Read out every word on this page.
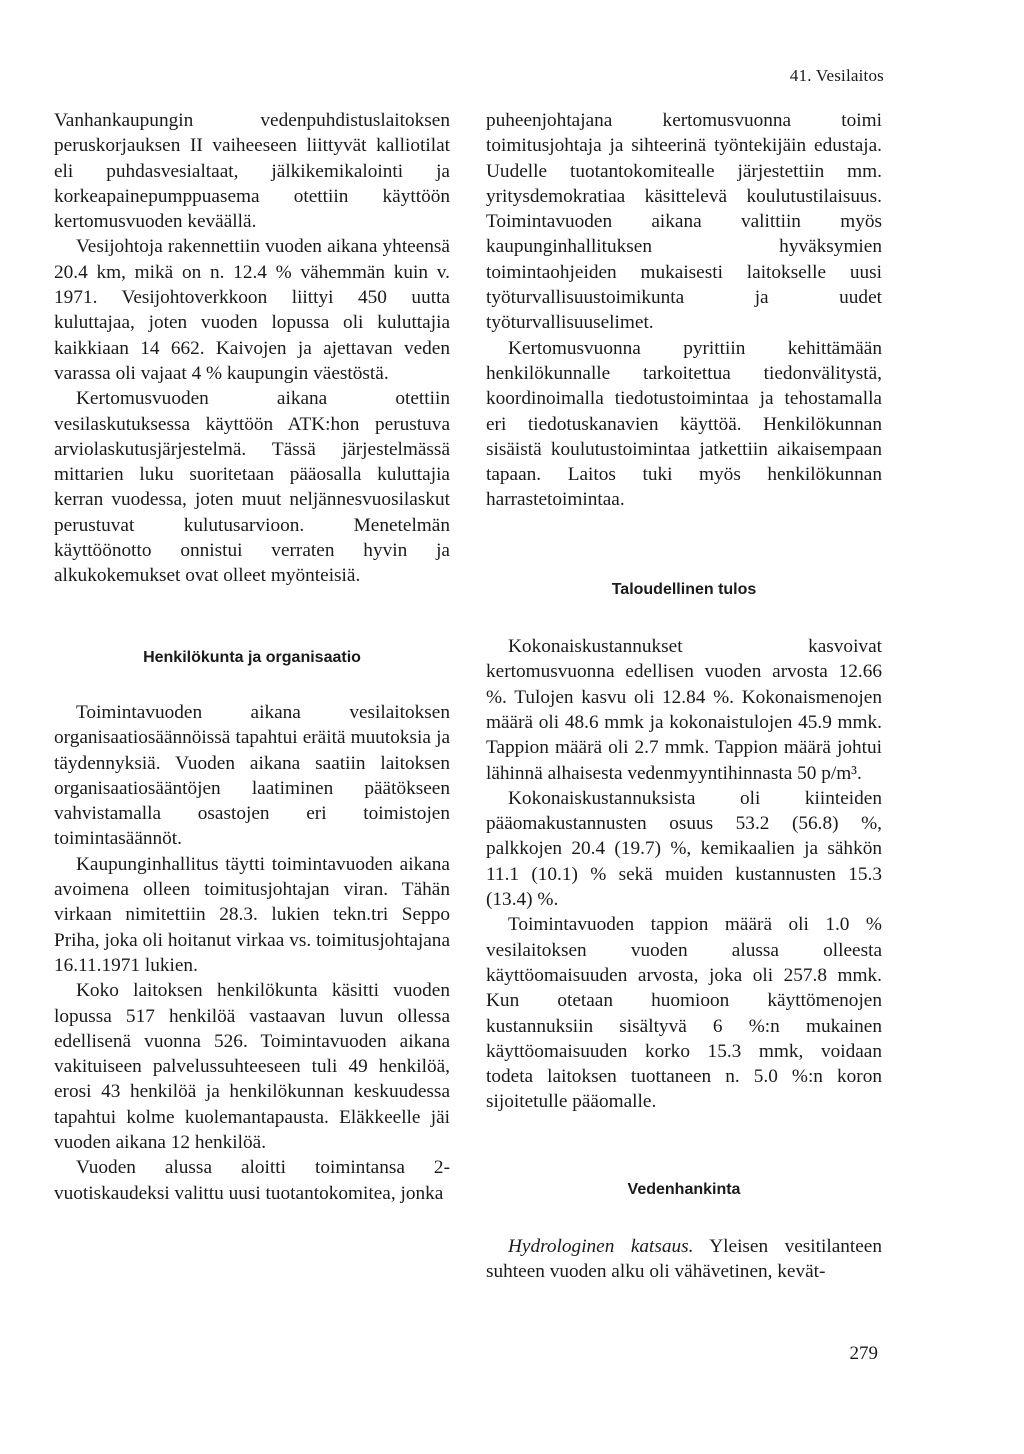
41. Vesilaitos

Vanhankaupungin vedenpuhdistuslaitoksen peruskorjauksen II vaiheeseen liittyvät kalliotilat eli puhdasvesialtaat, jälkikemikalointi ja korkeapainepumppuasema otettiin käyttöön kertomusvuoden keväällä.

Vesijohtoja rakennettiin vuoden aikana yhteensä 20.4 km, mikä on n. 12.4 % vähemmän kuin v. 1971. Vesijohtoverkkoon liittyi 450 uutta kuluttajaa, joten vuoden lopussa oli kuluttajia kaikkiaan 14 662. Kaivojen ja ajettavan veden varassa oli vajaat 4 % kaupungin väestöstä.

Kertomusvuoden aikana otettiin vesilaskutuksessa käyttöön ATK:hon perustuva arviolaskutusjärjestelmä. Tässä järjestelmässä mittarien luku suoritetaan pääosalla kuluttajia kerran vuodessa, joten muut neljännesvuosilaskut perustuvat kulutusarvioon. Menetelmän käyttöönotto onnistui verraten hyvin ja alkukokemukset ovat olleet myönteisiä.

Henkilökunta ja organisaatio

Toimintavuoden aikana vesilaitoksen organisaatiosäännöissä tapahtui eräitä muutoksia ja täydennyksiä. Vuoden aikana saatiin laitoksen organisaatiosääntöjen laatiminen päätökseen vahvistamalla osastojen eri toimistojen toimintasäännöt.

Kaupunginhallitus täytti toimintavuoden aikana avoimena olleen toimitusjohtajan viran. Tähän virkaan nimitettiin 28.3. lukien tekn.tri Seppo Priha, joka oli hoitanut virkaa vs. toimitusjohtajana 16.11.1971 lukien.

Koko laitoksen henkilökunta käsitti vuoden lopussa 517 henkilöä vastaavan luvun ollessa edellisenä vuonna 526. Toimintavuoden aikana vakituiseen palvelussuhteeseen tuli 49 henkilöä, erosi 43 henkilöä ja henkilökunnan keskuudessa tapahtui kolme kuolemantapausta. Eläkkeelle jäi vuoden aikana 12 henkilöä.

Vuoden alussa aloitti toimintansa 2-vuotiskaudeksi valittu uusi tuotantokomitea, jonka

puheenjohtajana kertomusvuonna toimi toimitusjohtaja ja sihteerinä työntekijäin edustaja. Uudelle tuotantokomitealle järjestettiin mm. yritysdemokratiaa käsittelevä koulutustilaisuus. Toimintavuoden aikana valittiin myös kaupunginhallituksen hyväksymien toimintaohjeiden mukaisesti laitokselle uusi työturvallisuustoimikunta ja uudet työturvallisuuselimet.

Kertomusvuonna pyrittiin kehittämään henkilökunnalle tarkoitettua tiedonvälitystä, koordinoimalla tiedotustoimintaa ja tehostamalla eri tiedotuskanavien käyttöä. Henkilökunnan sisäistä koulutustoimintaa jatkettiin aikaisempaan tapaan. Laitos tuki myös henkilökunnan harrastetoimintaa.

Taloudellinen tulos

Kokonaiskustannukset kasvoivat kertomusvuonna edellisen vuoden arvosta 12.66 %. Tulojen kasvu oli 12.84 %. Kokonaismenojen määrä oli 48.6 mmk ja kokonaistulojen 45.9 mmk. Tappion määrä oli 2.7 mmk. Tappion määrä johtui lähinnä alhaisesta vedenmyyntihinnasta 50 p/m³.

Kokonaiskustannuksista oli kiinteiden pääomakustannusten osuus 53.2 (56.8) %, palkkojen 20.4 (19.7) %, kemikaalien ja sähkön 11.1 (10.1) % sekä muiden kustannusten 15.3 (13.4) %.

Toimintavuoden tappion määrä oli 1.0 % vesilaitoksen vuoden alussa olleesta käyttöomaisuuden arvosta, joka oli 257.8 mmk. Kun otetaan huomioon käyttömenojen kustannuksiin sisältyvä 6 %:n mukainen käyttöomaisuuden korko 15.3 mmk, voidaan todeta laitoksen tuottaneen n. 5.0 %:n koron sijoitetulle pääomalle.

Vedenhankinta

Hydrologinen katsaus. Yleisen vesitilanteen suhteen vuoden alku oli vähävetinen, kevät-

279
